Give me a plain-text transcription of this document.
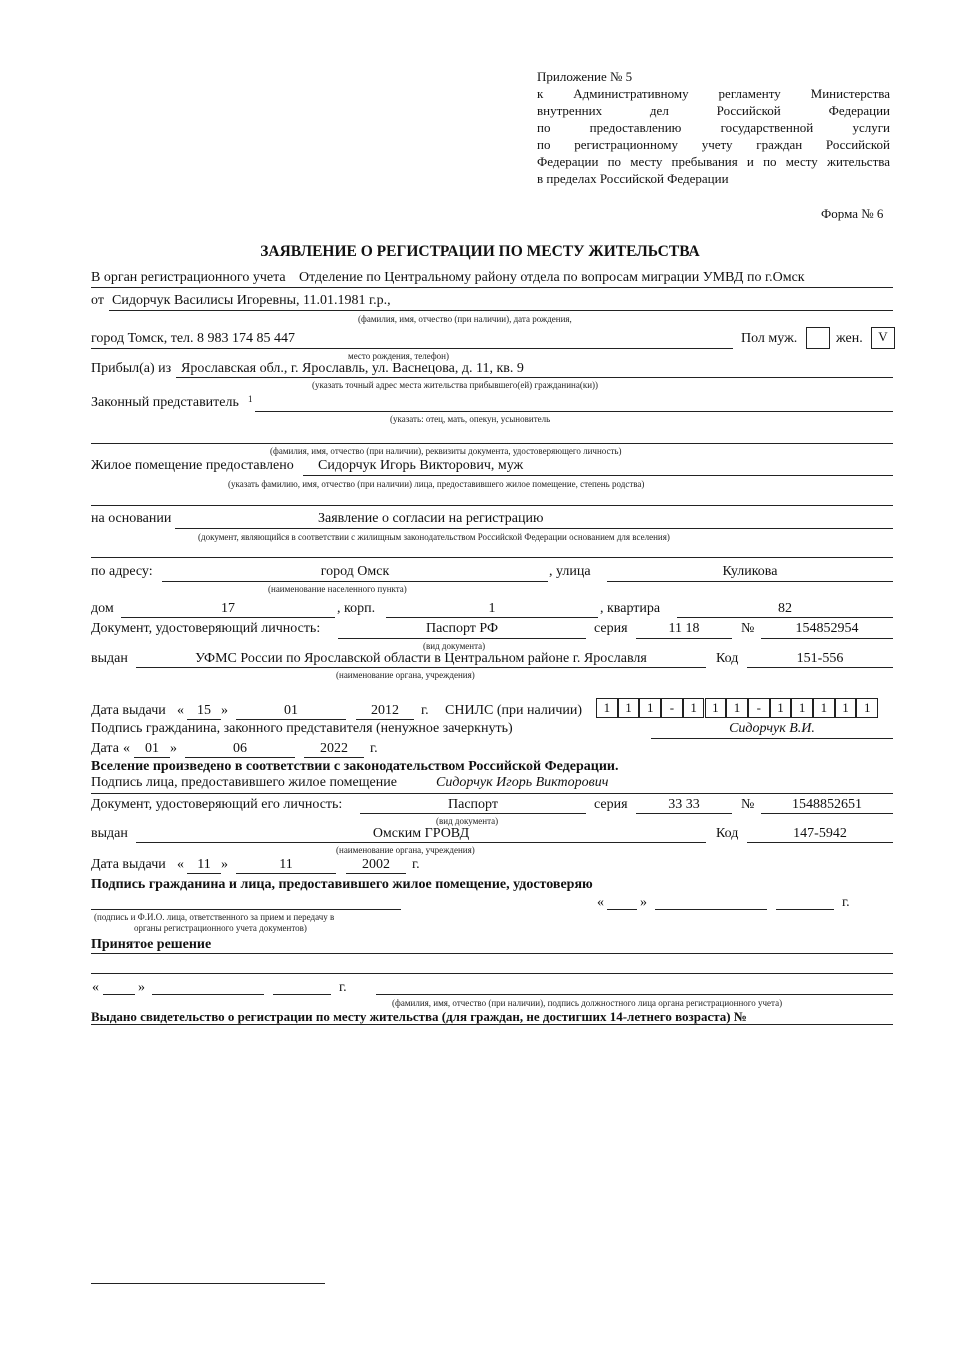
Приложение № 5
к Административному регламенту Министерства
внутренних дел Российской Федерации
по предоставлению государственной услуги
по регистрационному учету граждан Российской
Федерации по месту пребывания и по месту жительства
в пределах Российской Федерации
Форма № 6
ЗАЯВЛЕНИЕ О РЕГИСТРАЦИИ ПО МЕСТУ ЖИТЕЛЬСТВА
В орган регистрационного учета Отделение по Центральному району отдела по вопросам миграции УМВД по г.Омск
от Сидорчук Василисы Игоревны, 11.01.1981 г.р.,
(фамилия, имя, отчество (при наличии), дата рождения,
город Томск, тел. 8 983 174 85 447
место рождения, телефон)
Пол муж.	жен.	V
Прибыл(а) из Ярославская обл., г. Ярославль, ул. Васнецова, д. 11, кв. 9
(указать точный адрес места жительства прибывшего(ей) гражданина(ки))
Законный представитель 1
(указать: отец, мать, опекун, усыновитель
(фамилия, имя, отчество (при наличии), реквизиты документа, удостоверяющего личность)
Жилое помещение предоставлено Сидорчук Игорь Викторович, муж
(указать фамилию, имя, отчество (при наличии) лица, предоставившего жилое помещение, степень родства)
на основании	Заявление о согласии на регистрацию
(документ, являющийся в соответствии с жилищным законодательством Российской Федерации основанием для вселения)
по адресу:	город Омск
(наименование населенного пункта)
, улица	Куликова
дом	17	, корп.	1	, квартира	82
Документ, удостоверяющий личность:	Паспорт РФ
(вид документа)
серия	11 18	№	154852954
выдан	УФМС России по Ярославской области в Центральном районе г. Ярославля
(наименование органа, учреждения)
Код	151-556
Дата выдачи « 15 »	01	2012	г. СНИЛС (при наличии)	1	1	1	-	1	1	1	-	1	1	1	1	1
Подпись гражданина, законного представителя (ненужное зачеркнуть)	Сидорчук В.И.
Дата «	01 »	06	2022	г.
Вселение произведено в соответствии с законодательством Российской Федерации.
Подпись лица, предоставившего жилое помещение	Сидорчук Игорь Викторович
Документ, удостоверяющий его личность:	Паспорт
(вид документа)
серия	33 33	№	1548852651
выдан	Омским ГРОВД
(наименование органа, учреждения)
Код	147-5942
Дата выдачи « 11 »	11	2002	г.
Подпись гражданина и лица, предоставившего жилое помещение, удостоверяю
(подпись и Ф.И.О. лица, ответственного за прием и передачу в
органы регистрационного учета документов)
«	»	г.
Принятое решение
«	»	г.
(фамилия, имя, отчество (при наличии), подпись должностного лица органа регистрационного учета)
Выдано свидетельство о регистрации по месту жительства (для граждан, не достигших 14-летнего возраста) №
